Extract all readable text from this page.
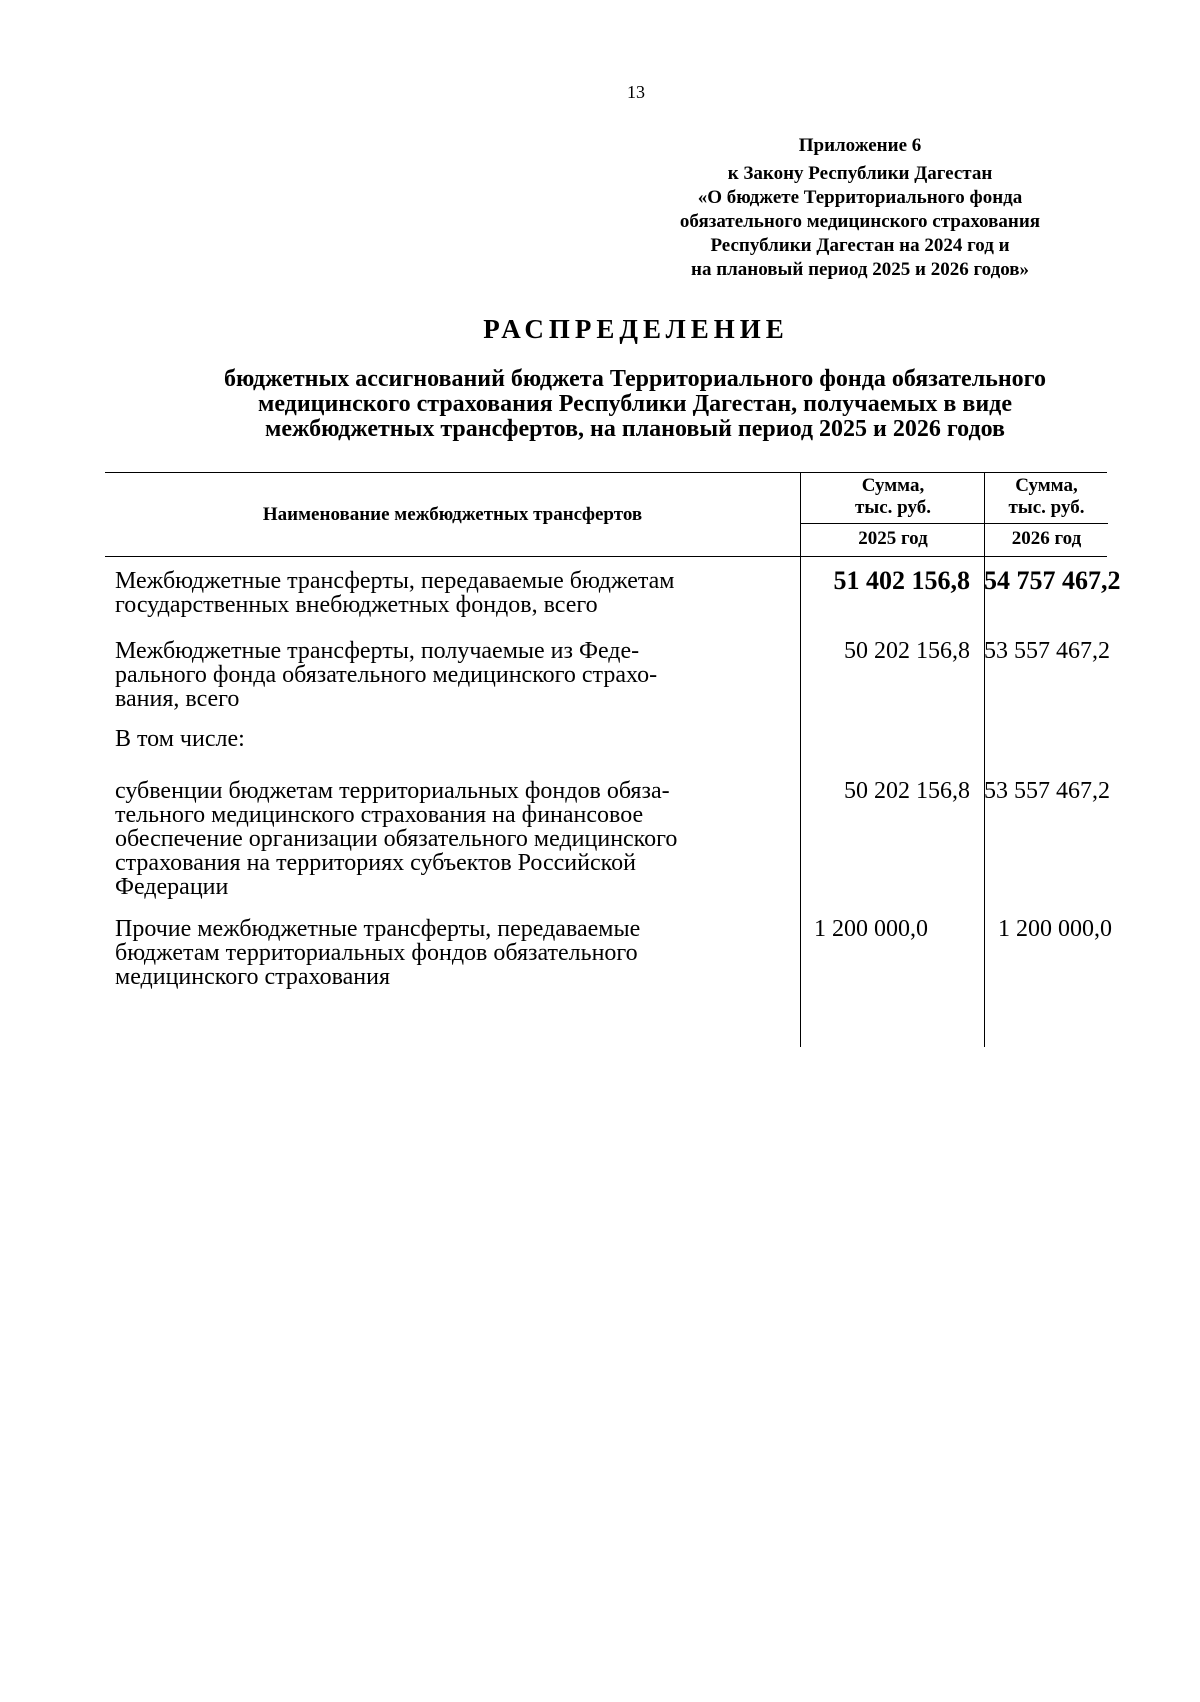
13
Приложение 6
к Закону Республики Дагестан
«О бюджете Территориального фонда
обязательного медицинского страхования
Республики Дагестан на 2024 год и
на плановый период 2025 и 2026 годов»
РАСПРЕДЕЛЕНИЕ
бюджетных ассигнований бюджета Территориального фонда обязательного
медицинского страхования Республики Дагестан, получаемых в виде
межбюджетных трансфертов, на плановый период 2025 и 2026 годов
Наименование межбюджетных трансфертов
Сумма,
тыс. руб.
2025 год
Сумма,
тыс. руб.
2026 год
Межбюджетные трансферты, передаваемые бюджетам
государственных внебюджетных фондов, всего
51 402 156,8 54 757 467,2
Межбюджетные трансферты, получаемые из Феде-
рального фонда обязательного медицинского страхо-
вания, всего
50 202 156,8 53 557 467,2
В том числе:
субвенции бюджетам территориальных фондов обяза-
тельного медицинского страхования на финансовое
обеспечение организации обязательного медицинского
страхования на территориях субъектов Российской
Федерации
50 202 156,8 53 557 467,2
Прочие межбюджетные трансферты, передаваемые
бюджетам территориальных фондов обязательного
медицинского страхования
1 200 000,0	1 200 000,0
